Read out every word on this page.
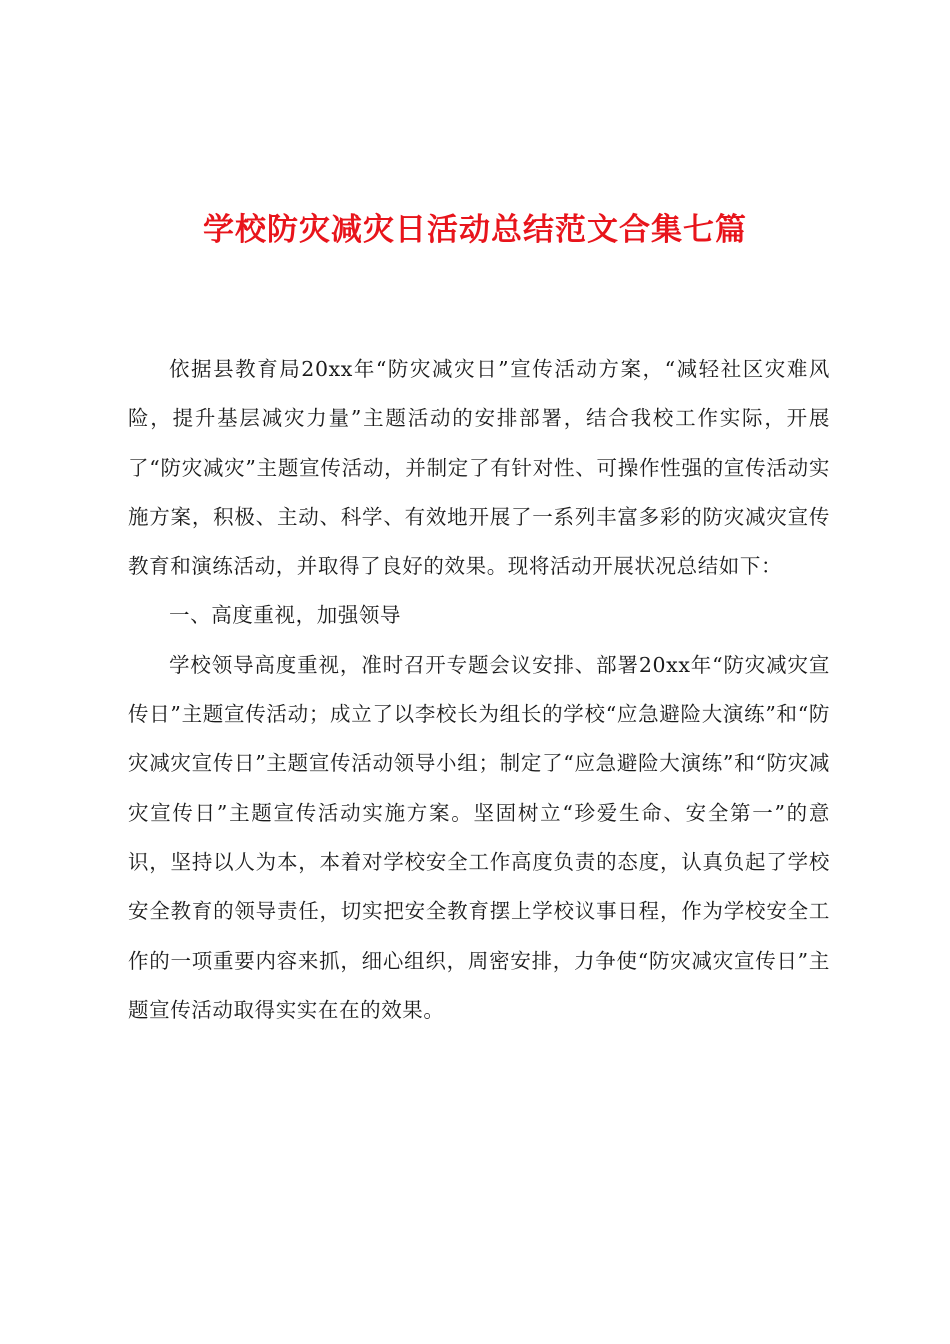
学校防灾减灾日活动总结范文合集七篇

依据县教育局20xx年“防灾减灾日”宣传活动方案，“减轻社区灾难风险，提升基层减灾力量”主题活动的安排部署，结合我校工作实际，开展了“防灾减灾”主题宣传活动，并制定了有针对性、可操作性强的宣传活动实施方案，积极、主动、科学、有效地开展了一系列丰富多彩的防灾减灾宣传教育和演练活动，并取得了良好的效果。现将活动开展状况总结如下：

一、高度重视，加强领导

学校领导高度重视，准时召开专题会议安排、部署20xx年“防灾减灾宣传日”主题宣传活动；成立了以李校长为组长的学校“应急避险大演练”和“防灾减灾宣传日”主题宣传活动领导小组；制定了“应急避险大演练”和“防灾减灾宣传日”主题宣传活动实施方案。坚固树立“珍爱生命、安全第一”的意识，坚持以人为本，本着对学校安全工作高度负责的态度，认真负起了学校安全教育的领导责任，切实把安全教育摆上学校议事日程，作为学校安全工作的一项重要内容来抓，细心组织，周密安排，力争使“防灾减灾宣传日”主题宣传活动取得实实在在的效果。
